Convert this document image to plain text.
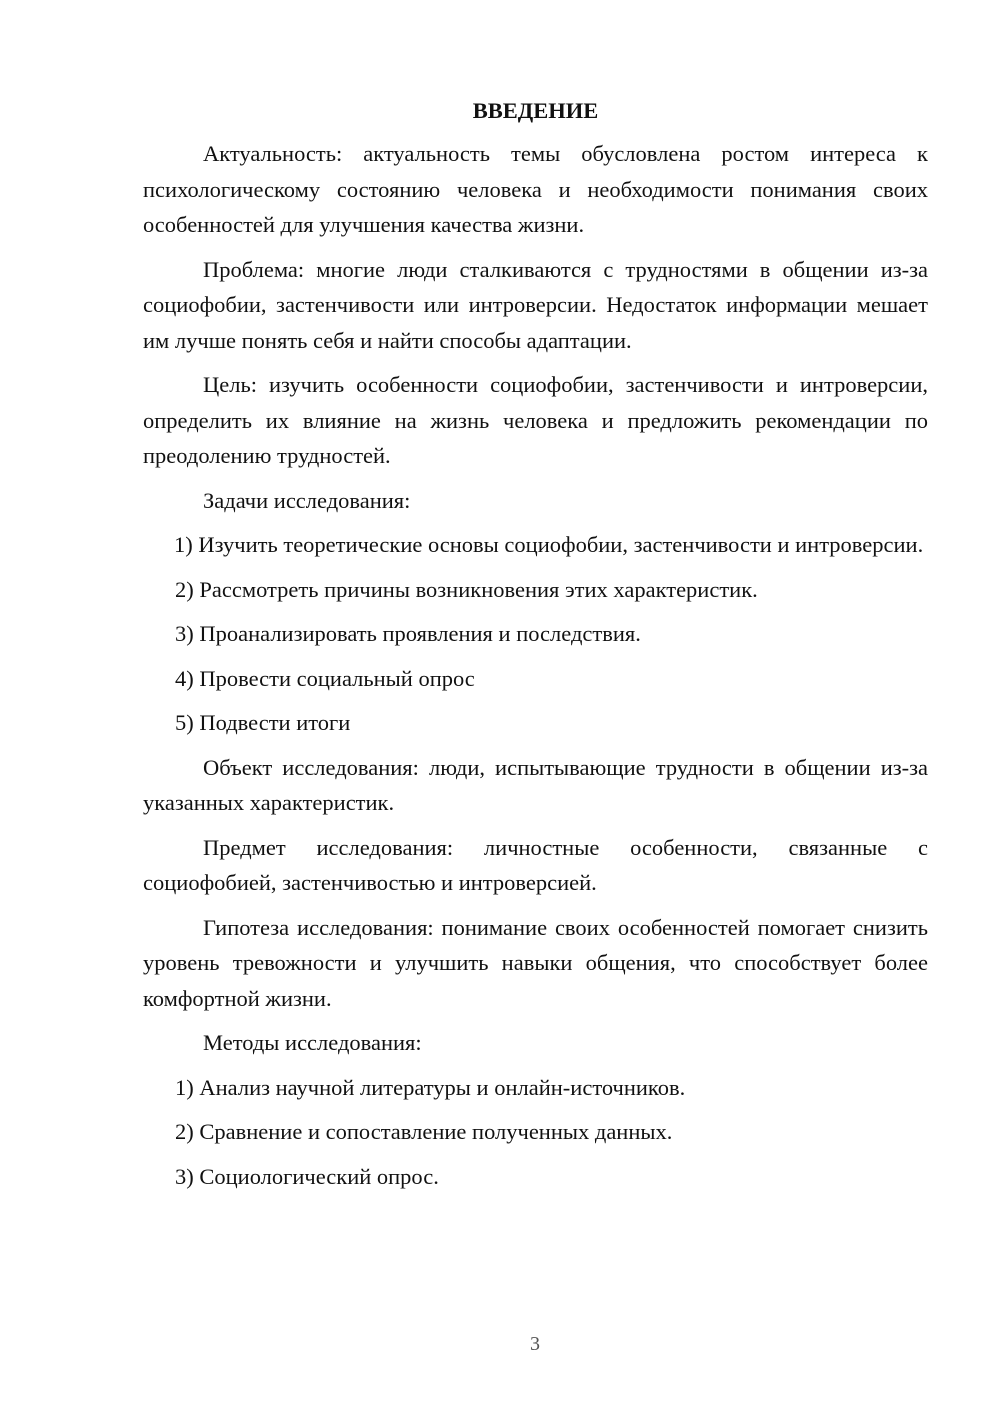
ВВЕДЕНИЕ
Актуальность: актуальность темы обусловлена ростом интереса к психологическому состоянию человека и необходимости понимания своих особенностей для улучшения качества жизни.
Проблема: многие люди сталкиваются с трудностями в общении из-за социофобии, застенчивости или интроверсии. Недостаток информации мешает им лучше понять себя и найти способы адаптации.
Цель: изучить особенности социофобии, застенчивости и интроверсии, определить их влияние на жизнь человека и предложить рекомендации по преодолению трудностей.
Задачи исследования:
1) Изучить теоретические основы социофобии, застенчивости и интроверсии.
2) Рассмотреть причины возникновения этих характеристик.
3) Проанализировать проявления и последствия.
4) Провести социальный опрос
5) Подвести итоги
Объект исследования: люди, испытывающие трудности в общении из-за указанных характеристик.
Предмет исследования: личностные особенности, связанные с социофобией, застенчивостью и интроверсией.
Гипотеза исследования: понимание своих особенностей помогает снизить уровень тревожности и улучшить навыки общения, что способствует более комфортной жизни.
Методы исследования:
1) Анализ научной литературы и онлайн-источников.
2) Сравнение и сопоставление полученных данных.
3) Социологический опрос.
3
